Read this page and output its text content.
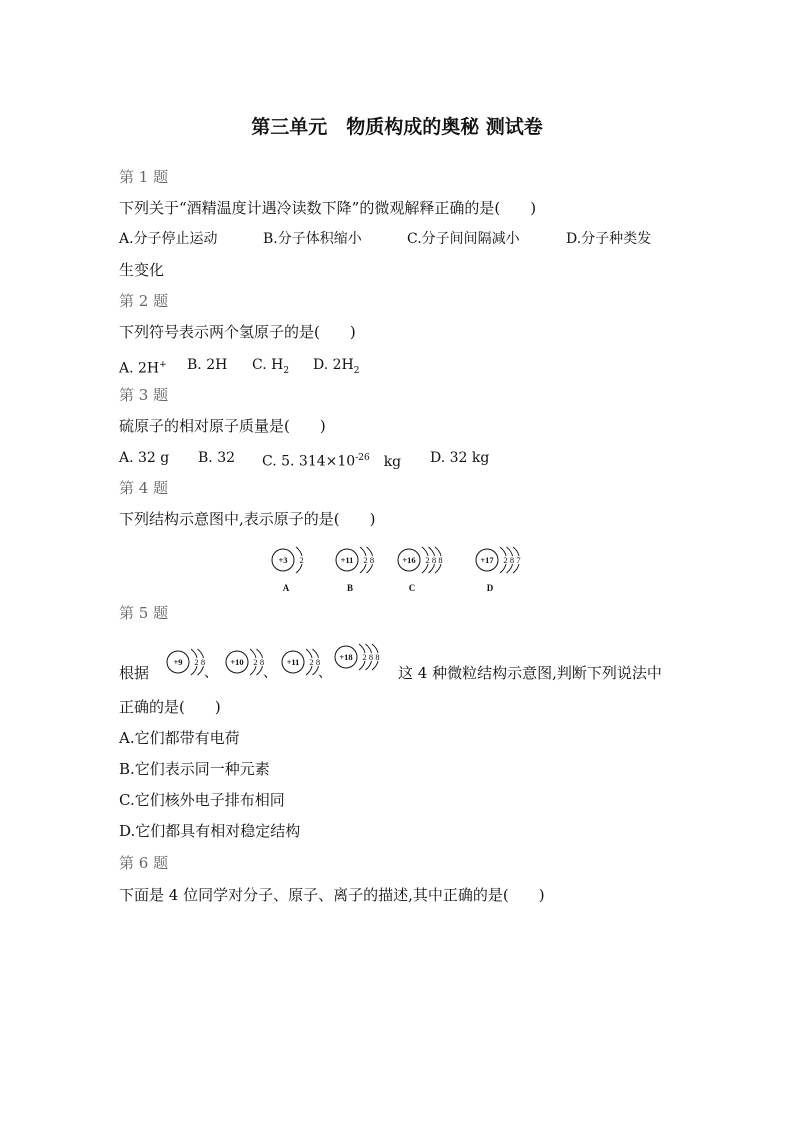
第三单元　物质构成的奥秘 测试卷
第 1 题
下列关于“酒精温度计遇冷读数下降”的微观解释正确的是(　　)
A.分子停止运动	B.分子体积缩小	C.分子间间隔减小	D.分子种类发
生变化
第 2 题
下列符号表示两个氢原子的是(　　)
A. 2H+ B. 2H C. $H_2$ D. $2H_2$
第 3 题
硫原子的相对原子质量是(　　)
A. 32 g B. 32 C. 5. $314\times 10^{-26}$ kg D. 32 kg
第 4 题
下列结构示意图中,表示原子的是(　　)
+3 2
A
+11 2 8
B
+16 2 8 8
C
+17 2 8 7
D
第 5 题
根据
+9 2 8
、
+10 2 8
、
+11 2 8
、
+18 2 8 8
这 4 种微粒结构示意图,判断下列说法中
正确的是(　　)
A.它们都带有电荷
B.它们表示同一种元素
C.它们核外电子排布相同
D.它们都具有相对稳定结构
第 6 题
下面是 4 位同学对分子、原子、离子的描述,其中正确的是(　　)
